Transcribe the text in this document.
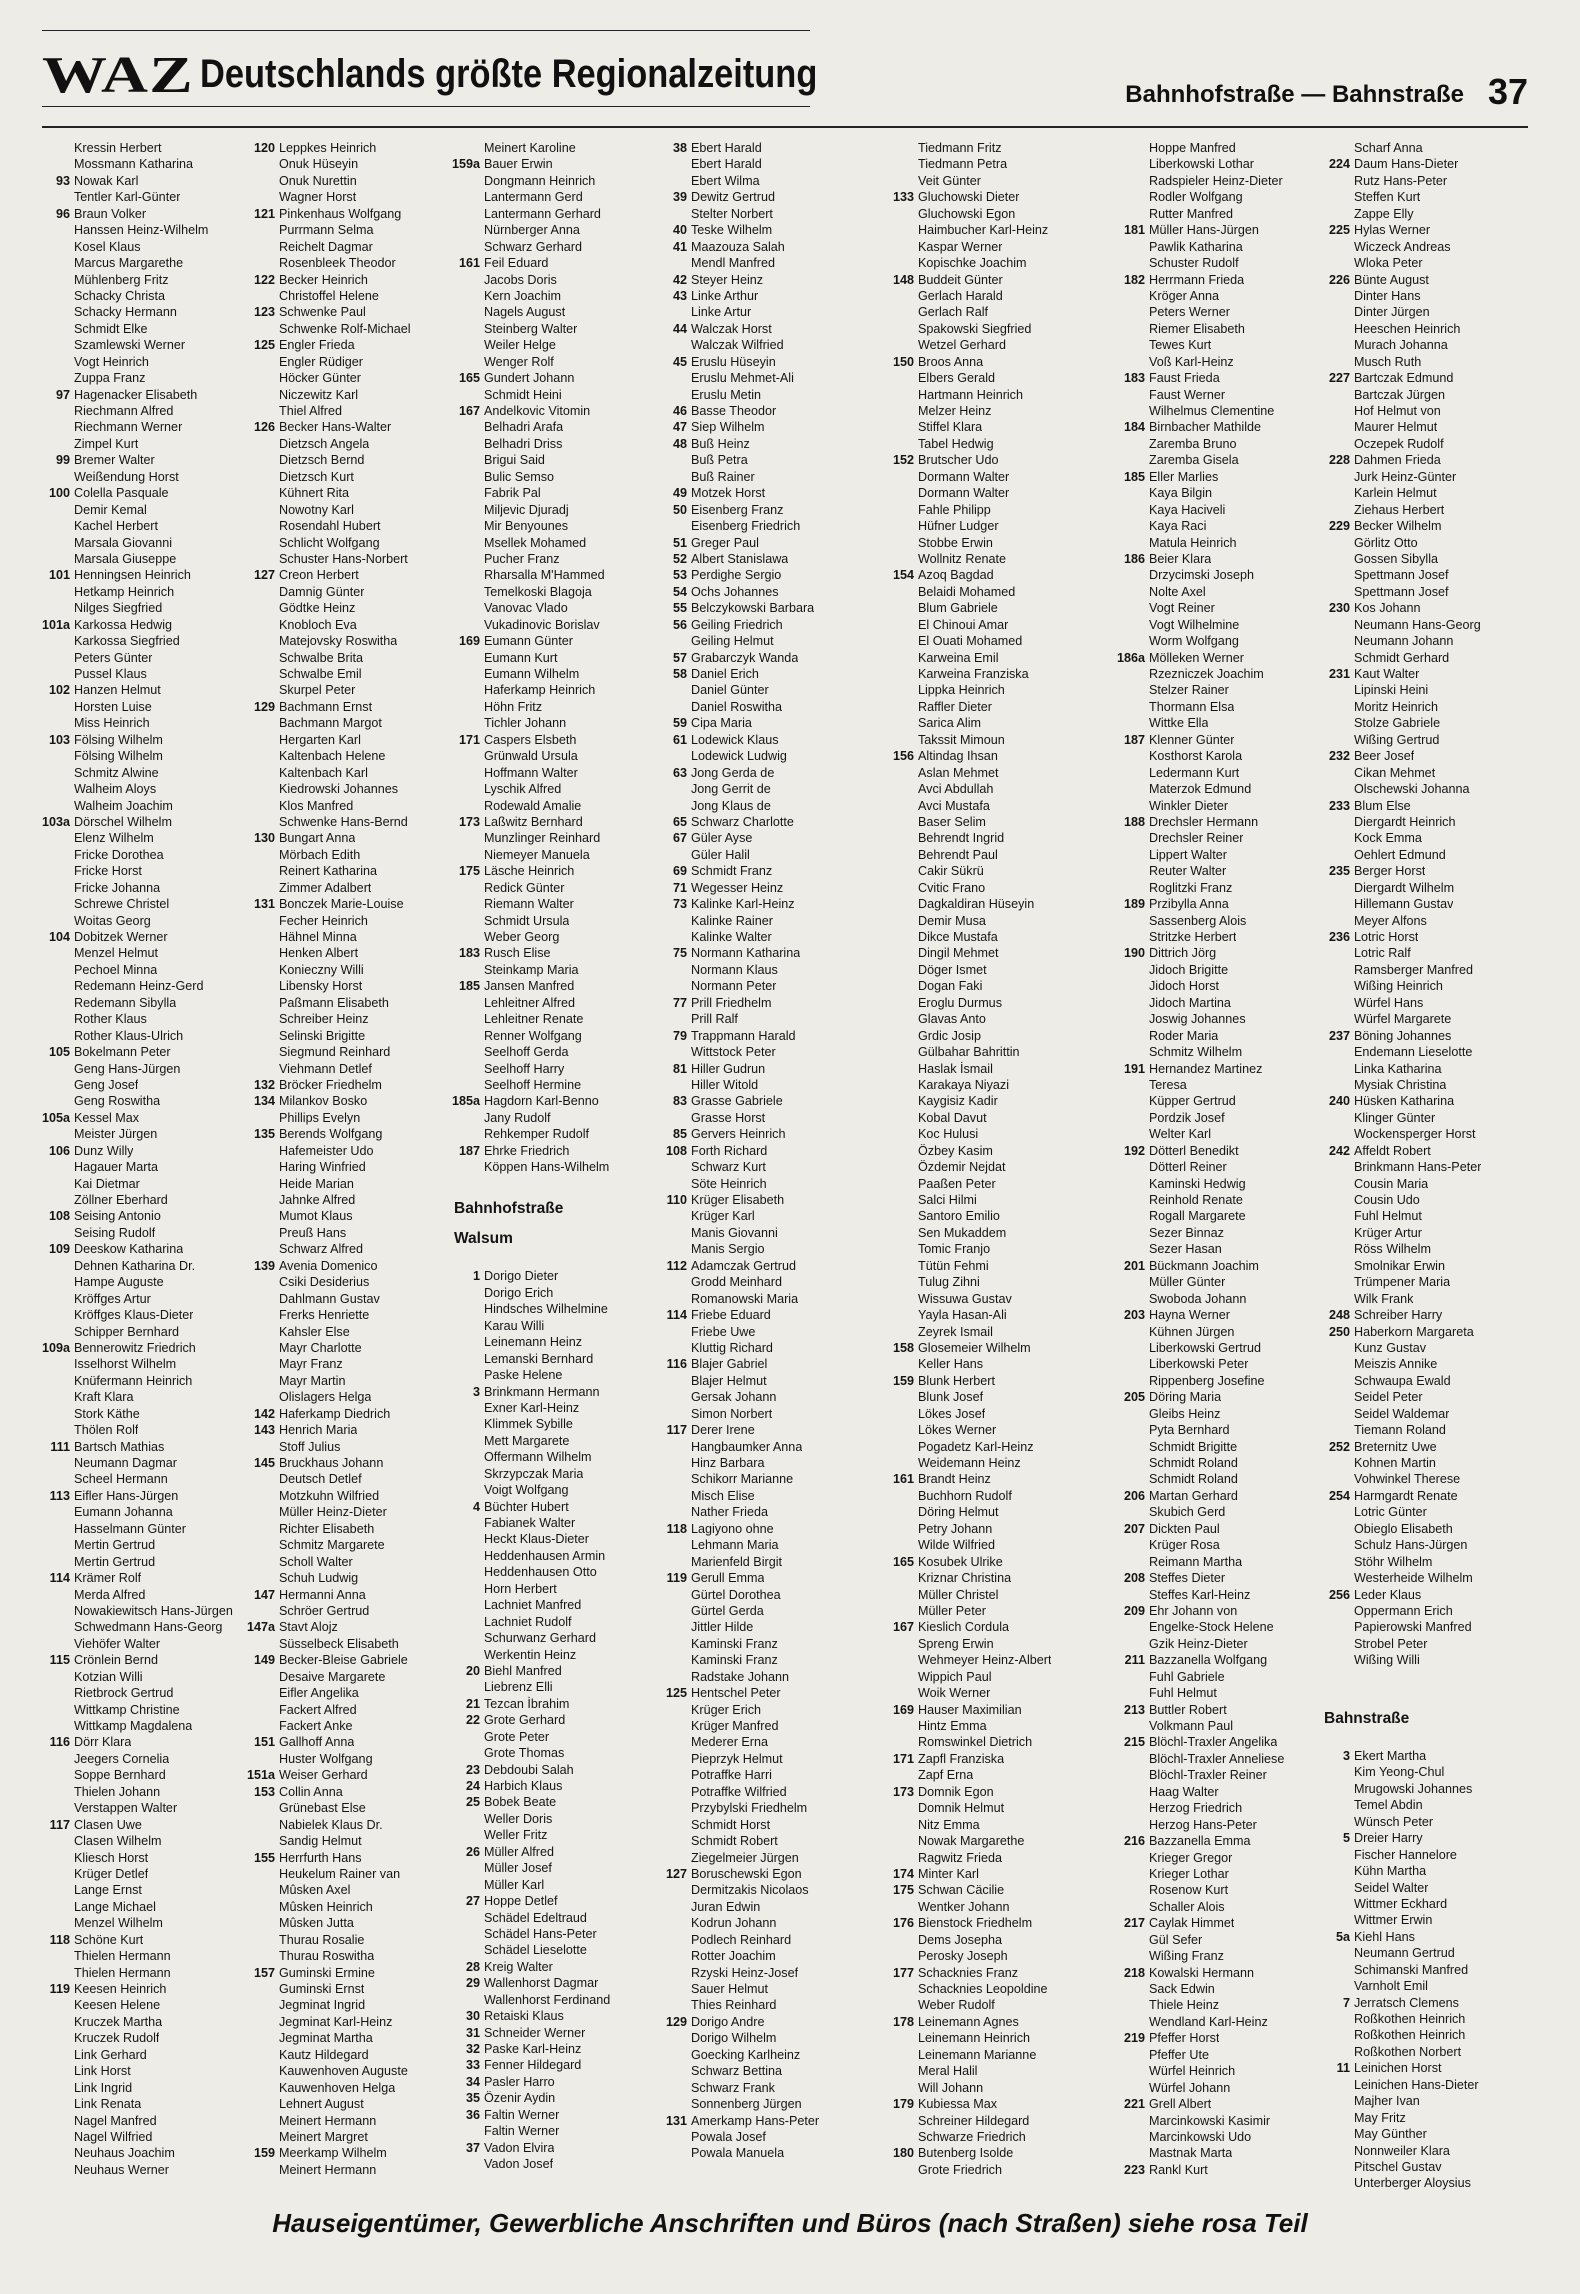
WAZ Deutschlands größte Regionalzeitung	Bahnhofstraße — Bahnstraße 37
Kressin Herbert
Mossmann Katharina
93 Nowak Karl
Tentler Karl-Günter
96 Braun Volker
Hanssen Heinz-Wilhelm
Kosel Klaus
Marcus Margarethe
Mühlenberg Fritz
Schacky Christa
Schacky Hermann
Schmidt Elke
Szamlewski Werner
Vogt Heinrich
Zuppa Franz
97 Hagenacker Elisabeth
Riechmann Alfred
Riechmann Werner
Zimpel Kurt
99 Bremer Walter
Weißendung Horst
100 Colella Pasquale
Demir Kemal
Kachel Herbert
Marsala Giovanni
Marsala Giuseppe
101 Henningsen Heinrich
Hetkamp Heinrich
Nilges Siegfried
101a Karkossa Hedwig
Karkossa Siegfried
Peters Günter
Pussel Klaus
102 Hanzen Helmut
Horsten Luise
Miss Heinrich
103 Fölsing Wilhelm
Fölsing Wilhelm
Schmitz Alwine
Walheim Aloys
Walheim Joachim
103a Dörschel Wilhelm
Elenz Wilhelm
Fricke Dorothea
Fricke Horst
Fricke Johanna
Schrewe Christel
Woitas Georg
104 Dobitzek Werner
Menzel Helmut
Pechoel Minna
Redemann Heinz-Gerd
Redemann Sibylla
Rother Klaus
Rother Klaus-Ulrich
105 Bokelmann Peter
Geng Hans-Jürgen
Geng Josef
Geng Roswitha
105a Kessel Max
Meister Jürgen
106 Dunz Willy
Hagauer Marta
Kai Dietmar
Zöllner Eberhard
108 Seising Antonio
Seising Rudolf
109 Deeskow Katharina
Dehnen Katharina Dr.
Hampe Auguste
Kröffges Artur
Kröffges Klaus-Dieter
Schipper Bernhard
109a Bennerowitz Friedrich
Isselhorst Wilhelm
Knüfermann Heinrich
Kraft Klara
Stork Käthe
Thölen Rolf
111 Bartsch Mathias
Neumann Dagmar
Scheel Hermann
113 Eifler Hans-Jürgen
Eumann Johanna
Hasselmann Günter
Mertin Gertrud
Mertin Gertrud
114 Krämer Rolf
Merda Alfred
Nowakiewitsch Hans-Jürgen
Schwedmann Hans-Georg
Viehöfer Walter
115 Crönlein Bernd
Kotzian Willi
Rietbrock Gertrud
Wittkamp Christine
Wittkamp Magdalena
116 Dörr Klara
Jeegers Cornelia
Soppe Bernhard
Thielen Johann
Verstappen Walter
117 Clasen Uwe
Clasen Wilhelm
Kliesch Horst
Krüger Detlef
Lange Ernst
Lange Michael
Menzel Wilhelm
118 Schöne Kurt
Thielen Hermann
Thielen Hermann
119 Keesen Heinrich
Keesen Helene
Kruczek Martha
Kruczek Rudolf
Link Gerhard
Link Horst
Link Ingrid
Link Renata
Nagel Manfred
Nagel Wilfried
Neuhaus Joachim
Neuhaus Werner
120 Leppkes Heinrich
Onuk Hüseyin
Onuk Nurettin
Wagner Horst
121 Pinkenhaus Wolfgang
Purrmann Selma
Reichelt Dagmar
Rosenbleek Theodor
122 Becker Heinrich
Christoffel Helene
123 Schwenke Paul
Schwenke Rolf-Michael
125 Engler Frieda
Engler Rüdiger
Höcker Günter
Niczewitz Karl
Thiel Alfred
126 Becker Hans-Walter
Dietzsch Angela
Dietzsch Bernd
Dietzsch Kurt
Kühnert Rita
Nowotny Karl
Rosendahl Hubert
Schlicht Wolfgang
Schuster Hans-Norbert
127 Creon Herbert
Damnig Günter
Gödtke Heinz
Knobloch Eva
Matejovsky Roswitha
Schwalbe Brita
Schwalbe Emil
Skurpel Peter
129 Bachmann Ernst
Bachmann Margot
Hergarten Karl
Kaltenbach Helene
Kaltenbach Karl
Kiedrowski Johannes
Klos Manfred
Schwenke Hans-Bernd
130 Bungart Anna
Mörbach Edith
Reinert Katharina
Zimmer Adalbert
131 Bonczek Marie-Louise
Fecher Heinrich
Hähnel Minna
Henken Albert
Konieczny Willi
Libensky Horst
Paßmann Elisabeth
Schreiber Heinz
Selinski Brigitte
Siegmund Reinhard
Viehmann Detlef
132 Bröcker Friedhelm
134 Milankov Bosko
Phillips Evelyn
135 Berends Wolfgang
Hafemeister Udo
Haring Winfried
Heide Marian
Jahnke Alfred
Mumot Klaus
Preuß Hans
Schwarz Alfred
139 Avenia Domenico
Csiki Desiderius
Dahlmann Gustav
Frerks Henriette
Kahsler Else
Mayr Charlotte
Mayr Franz
Mayr Martin
Olislagers Helga
142 Haferkamp Diedrich
143 Henrich Maria
Stoff Julius
145 Bruckhaus Johann
Deutsch Detlef
Motzkuhn Wilfried
Müller Heinz-Dieter
Richter Elisabeth
Schmitz Margarete
Scholl Walter
Schuh Ludwig
147 Hermanni Anna
Schröer Gertrud
147a Stavt Alojz
Süsselbeck Elisabeth
149 Becker-Bleise Gabriele
Desaive Margarete
Eifler Angelika
Fackert Alfred
Fackert Anke
151 Gallhoff Anna
Huster Wolfgang
151a Weiser Gerhard
153 Collin Anna
Grünebast Else
Nabielek Klaus Dr.
Sandig Helmut
155 Herrfurth Hans
Heukelum Rainer van
Mûsken Axel
Mûsken Heinrich
Mûsken Jutta
Thurau Rosalie
Thurau Roswitha
157 Guminski Ermine
Guminski Ernst
Jegminat Ingrid
Jegminat Karl-Heinz
Jegminat Martha
Kautz Hildegard
Kauwenhoven Auguste
Kauwenhoven Helga
Lehnert August
Meinert Hermann
Meinert Margret
159 Meerkamp Wilhelm
Meinert Hermann
Meinert Karoline
159a Bauer Erwin
Dongmann Heinrich
Lantermann Gerd
Lantermann Gerhard
Nürnberger Anna
Schwarz Gerhard
161 Feil Eduard
Jacobs Doris
Kern Joachim
Nagels August
Steinberg Walter
Weiler Helge
Wenger Rolf
165 Gundert Johann
Schmidt Heini
167 Andelkovic Vitomin
Belhadri Arafa
Belhadri Driss
Brigui Said
Bulic Semso
Fabrik Pal
Miljevic Djuradj
Mir Benyounes
Msellek Mohamed
Pucher Franz
Rharsalla M'Hammed
Temelkoski Blagoja
Vanovac Vlado
Vukadinovic Borislav
169 Eumann Günter
Eumann Kurt
Eumann Wilhelm
Haferkamp Heinrich
Höhn Fritz
Tichler Johann
171 Caspers Elsbeth
Grünwald Ursula
Hoffmann Walter
Lyschik Alfred
Rodewald Amalie
173 Laßwitz Bernhard
Munzlinger Reinhard
Niemeyer Manuela
175 Läsche Heinrich
Redick Günter
Riemann Walter
Schmidt Ursula
Weber Georg
183 Rusch Elise
Steinkamp Maria
185 Jansen Manfred
Lehleitner Alfred
Lehleitner Renate
Renner Wolfgang
Seelhoff Gerda
Seelhoff Harry
Seelhoff Hermine
185a Hagdorn Karl-Benno
Jany Rudolf
Rehkemper Rudolf
187 Ehrke Friedrich
Köppen Hans-Wilhelm
Bahnhofstraße
Walsum
1 Dorigo Dieter
Dorigo Erich
Hindsches Wilhelmine
Karau Willi
Leinemann Heinz
Lemanski Bernhard
Paske Helene
3 Brinkmann Hermann
Exner Karl-Heinz
Klimmek Sybille
Mett Margarete
Offermann Wilhelm
Skrzypczak Maria
Voigt Wolfgang
4 Büchter Hubert
Fabianek Walter
Heckt Klaus-Dieter
Heddenhausen Armin
Heddenhausen Otto
Horn Herbert
Lachniet Manfred
Lachniet Rudolf
Schurwanz Gerhard
Werkentin Heinz
20 Biehl Manfred
Liebrenz Elli
21 Tezcan İbrahim
22 Grote Gerhard
Grote Peter
Grote Thomas
23 Debdoubi Salah
24 Harbich Klaus
25 Bobek Beate
Weller Doris
Weller Fritz
26 Müller Alfred
Müller Josef
Müller Karl
27 Hoppe Detlef
Schädel Edeltraud
Schädel Hans-Peter
Schädel Lieselotte
28 Kreig Walter
29 Wallenhorst Dagmar
Wallenhorst Ferdinand
30 Retaiski Klaus
31 Schneider Werner
32 Paske Karl-Heinz
33 Fenner Hildegard
34 Pasler Harro
35 Özenir Aydin
36 Faltin Werner
Faltin Werner
37 Vadon Elvira
Vadon Josef
38 Ebert Harald
Ebert Harald
Ebert Wilma
39 Dewitz Gertrud
Stelter Norbert
40 Teske Wilhelm
41 Maazouza Salah
Mendl Manfred
42 Steyer Heinz
43 Linke Arthur
Linke Artur
44 Walczak Horst
Walczak Wilfried
45 Eruslu Hüseyin
Eruslu Mehmet-Ali
Eruslu Metin
46 Basse Theodor
47 Siep Wilhelm
48 Buß Heinz
Buß Petra
Buß Rainer
49 Motzek Horst
50 Eisenberg Franz
Eisenberg Friedrich
51 Greger Paul
52 Albert Stanislawa
53 Perdighe Sergio
54 Ochs Johannes
55 Belczykowski Barbara
56 Geiling Friedrich
Geiling Helmut
57 Grabarczyk Wanda
58 Daniel Erich
Daniel Günter
Daniel Roswitha
59 Cipa Maria
61 Lodewick Klaus
Lodewick Ludwig
63 Jong Gerda de
Jong Gerrit de
Jong Klaus de
65 Schwarz Charlotte
67 Güler Ayse
Güler Halil
69 Schmidt Franz
71 Wegesser Heinz
73 Kalinke Karl-Heinz
Kalinke Rainer
Kalinke Walter
75 Normann Katharina
Normann Klaus
Normann Peter
77 Prill Friedhelm
Prill Ralf
79 Trappmann Harald
Wittstock Peter
81 Hiller Gudrun
Hiller Witold
83 Grasse Gabriele
Grasse Horst
85 Gervers Heinrich
108 Forth Richard
Schwarz Kurt
Söte Heinrich
110 Krüger Elisabeth
Krüger Karl
Manis Giovanni
Manis Sergio
112 Adamczak Gertrud
Grodd Meinhard
Romanowski Maria
114 Friebe Eduard
Friebe Uwe
Kluttig Richard
116 Blajer Gabriel
Blajer Helmut
Gersak Johann
Simon Norbert
117 Derer Irene
Hangbaumker Anna
Hinz Barbara
Schikorr Marianne
Misch Elise
Nather Frieda
118 Lagiyono ohne
Lehmann Maria
Marienfeld Birgit
119 Gerull Emma
Gürtel Dorothea
Gürtel Gerda
Jittler Hilde
Kaminski Franz
Kaminski Franz
Radstake Johann
125 Hentschel Peter
Krüger Erich
Krüger Manfred
Mederer Erna
Pieprzyk Helmut
Potraffke Harri
Potraffke Wilfried
Przybylski Friedhelm
Schmidt Horst
Schmidt Robert
Ziegelmeier Jürgen
127 Boruschewski Egon
Dermitzakis Nicolaos
Juran Edwin
Kodrun Johann
Podlech Reinhard
Rotter Joachim
Rzyski Heinz-Josef
Sauer Helmut
Thies Reinhard
129 Dorigo Andre
Dorigo Wilhelm
Goecking Karlheinz
Schwarz Bettina
Schwarz Frank
Sonnenberg Jürgen
131 Amerkamp Hans-Peter
Powala Josef
Powala Manuela
Tiedmann Fritz
Tiedmann Petra
Veit Günter
133 Gluchowski Dieter
Gluchowski Egon
Haimbucher Karl-Heinz
Kaspar Werner
Kopischke Joachim
148 Buddeit Günter
Gerlach Harald
Gerlach Ralf
Spakowski Siegfried
Wetzel Gerhard
150 Broos Anna
Elbers Gerald
Hartmann Heinrich
Melzer Heinz
Stiffel Klara
Tabel Hedwig
152 Brutscher Udo
Dormann Walter
Dormann Walter
Fahle Philipp
Hüfner Ludger
Stobbe Erwin
Wollnitz Renate
154 Azoq Bagdad
Belaidi Mohamed
Blum Gabriele
El Chinoui Amar
El Ouati Mohamed
Karweina Emil
Karweina Franziska
Lippka Heinrich
Raffler Dieter
Sarica Alim
Takssit Mimoun
156 Altindag Ihsan
Aslan Mehmet
Avci Abdullah
Avci Mustafa
Baser Selim
Behrendt Ingrid
Behrendt Paul
Cakir Sükrü
Cvitic Frano
Dagkaldiran Hüseyin
Demir Musa
Dikce Mustafa
Dingil Mehmet
Döger Ismet
Dogan Faki
Eroglu Durmus
Glavas Anto
Grdic Josip
Gülbahar Bahrittin
Haslak İsmail
Karakaya Niyazi
Kaygisiz Kadir
Kobal Davut
Koc Hulusi
Özbey Kasim
Özdemir Nejdat
Paaßen Peter
Salci Hilmi
Santoro Emilio
Sen Mukaddem
Tomic Franjo
Tütün Fehmi
Tulug Zihni
Wissuwa Gustav
Yayla Hasan-Ali
Zeyrek Ismail
158 Glosemeier Wilhelm
Keller Hans
159 Blunk Herbert
Blunk Josef
Lökes Josef
Lökes Werner
Pogadetz Karl-Heinz
Weidemann Heinz
161 Brandt Heinz
Buchhorn Rudolf
Döring Helmut
Petry Johann
Wilde Wilfried
165 Kosubek Ulrike
Kriznar Christina
Müller Christel
Müller Peter
167 Kieslich Cordula
Spreng Erwin
Wehmeyer Heinz-Albert
Wippich Paul
Woik Werner
169 Hauser Maximilian
Hintz Emma
Romswinkel Dietrich
171 Zapfl Franziska
Zapf Erna
173 Domnik Egon
Domnik Helmut
Nitz Emma
Nowak Margarethe
Ragwitz Frieda
174 Minter Karl
175 Schwan Cäcilie
Wentker Johann
176 Bienstock Friedhelm
Dems Josepha
Perosky Joseph
177 Schacknies Franz
Schacknies Leopoldine
Weber Rudolf
178 Leinemann Agnes
Leinemann Heinrich
Leinemann Marianne
Meral Halil
Will Johann
179 Kubiessa Max
Schreiner Hildegard
Schwarze Friedrich
180 Butenberg Isolde
Grote Friedrich
Hoppe Manfred
Liberkowski Lothar
Radspieler Heinz-Dieter
Rodler Wolfgang
Rutter Manfred
181 Müller Hans-Jürgen
Pawlik Katharina
Schuster Rudolf
182 Herrmann Frieda
Kröger Anna
Peters Werner
Riemer Elisabeth
Tewes Kurt
Voß Karl-Heinz
183 Faust Frieda
Faust Werner
Wilhelmus Clementine
184 Birnbacher Mathilde
Zaremba Bruno
Zaremba Gisela
185 Eller Marlies
Kaya Bilgin
Kaya Haciveli
Kaya Raci
Matula Heinrich
186 Beier Klara
Drzycimski Joseph
Nolte Axel
Vogt Reiner
Vogt Wilhelmine
Worm Wolfgang
186a Mölleken Werner
Rzezniczek Joachim
Stelzer Rainer
Thormann Elsa
Wittke Ella
187 Klenner Günter
Kosthorst Karola
Ledermann Kurt
Materzok Edmund
Winkler Dieter
188 Drechsler Hermann
Drechsler Reiner
Lippert Walter
Reuter Walter
Roglitzki Franz
189 Przibylla Anna
Sassenberg Alois
Stritzke Herbert
190 Dittrich Jörg
Jidoch Brigitte
Jidoch Horst
Jidoch Martina
Joswig Johannes
Roder Maria
Schmitz Wilhelm
191 Hernandez Martinez
Teresa
Küpper Gertrud
Pordzik Josef
Welter Karl
192 Dötterl Benedikt
Dötterl Reiner
Kaminski Hedwig
Reinhold Renate
Rogall Margarete
Sezer Binnaz
Sezer Hasan
201 Bückmann Joachim
Müller Günter
Swoboda Johann
203 Hayna Werner
Kühnen Jürgen
Liberkowski Gertrud
Liberkowski Peter
Rippenberg Josefine
205 Döring Maria
Gleibs Heinz
Pyta Bernhard
Schmidt Brigitte
Schmidt Roland
Schmidt Roland
206 Martan Gerhard
Skubich Gerd
207 Dickten Paul
Krüger Rosa
Reimann Martha
208 Steffes Dieter
Steffes Karl-Heinz
209 Ehr Johann von
Engelke-Stock Helene
Gzik Heinz-Dieter
211 Bazzanella Wolfgang
Fuhl Gabriele
Fuhl Helmut
213 Buttler Robert
Volkmann Paul
215 Blöchl-Traxler Angelika
Blöchl-Traxler Anneliese
Blöchl-Traxler Reiner
Haag Walter
Herzog Friedrich
Herzog Hans-Peter
216 Bazzanella Emma
Krieger Gregor
Krieger Lothar
Rosenow Kurt
Schaller Alois
217 Caylak Himmet
Gül Sefer
Wißing Franz
218 Kowalski Hermann
Sack Edwin
Thiele Heinz
Wendland Karl-Heinz
219 Pfeffer Horst
Pfeffer Ute
Würfel Heinrich
Würfel Johann
221 Grell Albert
Marcinkowski Kasimir
Marcinkowski Udo
Mastnak Marta
223 Rankl Kurt
Scharf Anna
224 Daum Hans-Dieter
Rutz Hans-Peter
Steffen Kurt
Zappe Elly
225 Hylas Werner
Wiczeck Andreas
Wloka Peter
226 Bünte August
Dinter Hans
Dinter Jürgen
Heeschen Heinrich
Murach Johanna
Musch Ruth
227 Bartczak Edmund
Bartczak Jürgen
Hof Helmut von
Maurer Helmut
Oczepek Rudolf
228 Dahmen Frieda
Jurk Heinz-Günter
Karlein Helmut
Ziehaus Herbert
229 Becker Wilhelm
Görlitz Otto
Gossen Sibylla
Spettmann Josef
Spettmann Josef
230 Kos Johann
Neumann Hans-Georg
Neumann Johann
Schmidt Gerhard
231 Kaut Walter
Lipinski Heini
Moritz Heinrich
Stolze Gabriele
Wißing Gertrud
232 Beer Josef
Cikan Mehmet
Olschewski Johanna
233 Blum Else
Diergardt Heinrich
Kock Emma
Oehlert Edmund
235 Berger Horst
Diergardt Wilhelm
Hillemann Gustav
Meyer Alfons
236 Lotric Horst
Lotric Ralf
Ramsberger Manfred
Wißing Heinrich
Würfel Hans
Würfel Margarete
237 Böning Johannes
Endemann Lieselotte
Linka Katharina
Mysiak Christina
240 Hüsken Katharina
Klinger Günter
Wockensperger Horst
242 Affeldt Robert
Brinkmann Hans-Peter
Cousin Maria
Cousin Udo
Fuhl Helmut
Krüger Artur
Röss Wilhelm
Smolnikar Erwin
Trümpener Maria
Wilk Frank
248 Schreiber Harry
250 Haberkorn Margareta
Kunz Gustav
Meiszis Annike
Schwaupa Ewald
Seidel Peter
Seidel Waldemar
Tiemann Roland
252 Breternitz Uwe
Kohnen Martin
Vohwinkel Therese
254 Harmgardt Renate
Lotric Günter
Obieglo Elisabeth
Schulz Hans-Jürgen
Stöhr Wilhelm
Westerheide Wilhelm
256 Leder Klaus
Oppermann Erich
Papierowski Manfred
Strobel Peter
Wißing Willi
Bahnstraße
3 Ekert Martha
Kim Yeong-Chul
Mrugowski Johannes
Temel Abdin
Wünsch Peter
5 Dreier Harry
Fischer Hannelore
Kühn Martha
Seidel Walter
Wittmer Eckhard
Wittmer Erwin
5a Kiehl Hans
Neumann Gertrud
Schimanski Manfred
Varnholt Emil
7 Jerratsch Clemens
Roßkothen Heinrich
Roßkothen Heinrich
Roßkothen Norbert
11 Leinichen Horst
Leinichen Hans-Dieter
Majher Ivan
May Fritz
May Günther
Nonnweiler Klara
Pitschel Gustav
Unterberger Aloysius
Hauseigentümer, Gewerbliche Anschriften und Büros (nach Straßen) siehe rosa Teil
